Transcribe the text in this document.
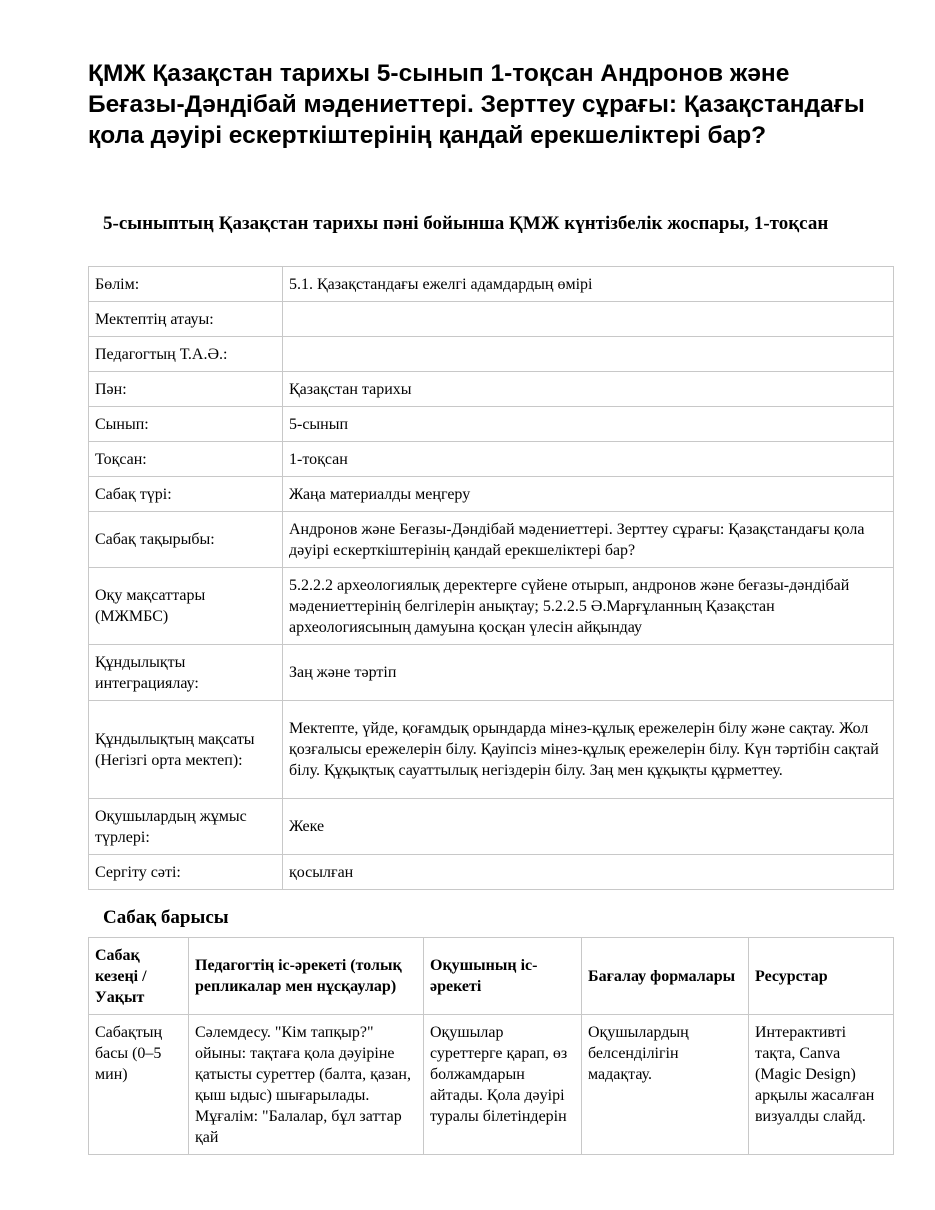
ҚМЖ Қазақстан тарихы 5-сынып 1-тоқсан Андронов және Беғазы-Дәндібай мәдениеттері. Зерттеу сұрағы: Қазақстандағы қола дәуірі ескерткіштерінің қандай ерекшеліктері бар?
5-сыныптың Қазақстан тарихы пәні бойынша ҚМЖ күнтізбелік жоспары, 1-тоқсан
Бөлім:	5.1. Қазақстандағы ежелгі адамдардың өмірі
Мектептің атауы:	
Педагогтың Т.А.Ә.:	
Пән:	Қазақстан тарихы
Сынып:	5-сынып
Тоқсан:	1-тоқсан
Сабақ түрі:	Жаңа материалды меңгеру
Сабақ тақырыбы:	Андронов және Беғазы-Дәндібай мәдениеттері. Зерттеу сұрағы: Қазақстандағы қола дәуірі ескерткіштерінің қандай ерекшеліктері бар?
Оқу мақсаттары (МЖМБС)	5.2.2.2 археологиялық деректерге сүйене отырып, андронов және беғазы-дәндібай мәдениеттерінің белгілерін анықтау; 5.2.2.5 Ә.Марғұланның Қазақстан археологиясының дамуына қосқан үлесін айқындау
Құндылықты интеграциялау:	Заң және тәртіп
Құндылықтың мақсаты (Негізгі орта мектеп):	Мектепте, үйде, қоғамдық орындарда мінез-құлық ережелерін білу және сақтау. Жол қозғалысы ережелерін білу. Қауіпсіз мінез-құлық ережелерін білу. Күн тәртібін сақтай білу. Құқықтық сауаттылық негіздерін білу. Заң мен құқықты құрметтеу.
Оқушылардың жұмыс түрлері:	Жеке
Сергіту сәті:	қосылған
Сабақ барысы
Сабақ кезеңі / Уақыт	Педагогтің іс-әрекеті (толық репликалар мен нұсқаулар)	Оқушының іс-әрекеті	Бағалау формалары	Ресурстар

Сабақтың басы (0–5 мин)	Сәлемдесу. "Кім тапқыр?" ойыны: тақтаға қола дәуіріне қатысты суреттер (балта, қазан, қыш ыдыс) шығарылады. Мұғалім: "Балалар, бұл заттар қай	Оқушылар суреттерге қарап, өз болжамдарын айтады. Қола дәуірі туралы білетіндерін	Оқушылардың белсенділігін мадақтау.	Интерактивті тақта, Canva (Magic Design) арқылы жасалған визуалды слайд.
